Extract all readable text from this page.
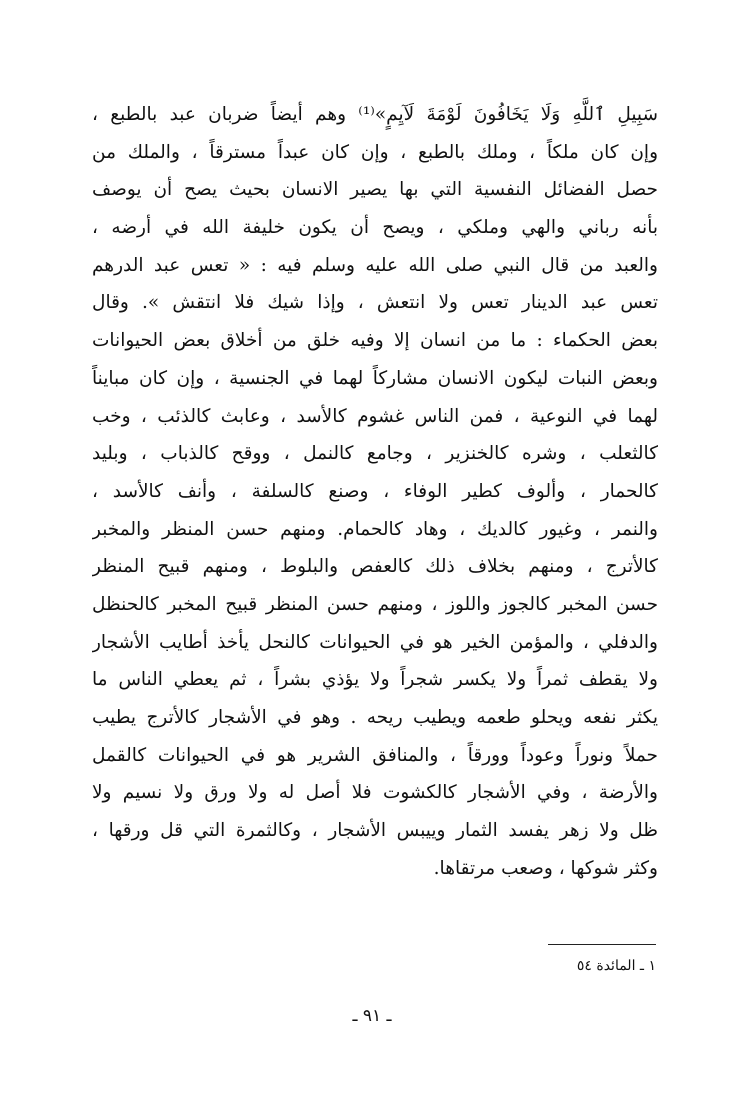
سَبِيلِ ٱللَّهِ وَلَا يَخَافُونَ لَوْمَةَ لَآيِمٍ»⁽¹⁾ وهم أيضاً ضربان عبد بالطبع ،
وإن كان ملكاً ، وملك بالطبع ، وإن كان عبداً مسترقاً ، والملك من
حصل الفضائل النفسية التي بها يصير الانسان بحيث يصح أن يوصف
بأنه رباني والهي وملكي ، ويصح أن يكون خليفة الله في أرضه ،
والعبد من قال النبي صلى الله عليه وسلم فيه : « تعس عبد الدرهم
تعس عبد الدينار تعس ولا انتعش ، وإذا شيك فلا انتقش ». وقال
بعض الحكماء : ما من انسان إلا وفيه خلق من أخلاق بعض الحيوانات
وبعض النبات ليكون الانسان مشاركاً لهما في الجنسية ، وإن كان مبايناً
لهما في النوعية ، فمن الناس غشوم كالأسد ، وعابث كالذئب ، وخب
كالثعلب ، وشره كالخنزير ، وجامع كالنمل ، ووقح كالذباب ، وبليد
كالحمار ، وألوف كطير الوفاء ، وصنع كالسلفة ، وأنف كالأسد ،
والنمر ، وغيور كالديك ، وهاد كالحمام. ومنهم حسن المنظر والمخبر
كالأترج ، ومنهم بخلاف ذلك كالعفص والبلوط ، ومنهم قبيح المنظر
حسن المخبر كالجوز واللوز ، ومنهم حسن المنظر قبيح المخبر كالحنظل
والدفلي ، والمؤمن الخير هو في الحيوانات كالنحل يأخذ أطايب الأشجار
ولا يقطف ثمراً ولا يكسر شجراً ولا يؤذي بشراً ، ثم يعطي الناس ما
يكثر نفعه ويحلو طعمه ويطيب ريحه . وهو في الأشجار كالأترج يطيب
حملاً ونوراً وعوداً وورقاً ، والمنافق الشرير هو في الحيوانات كالقمل
والأرضة ، وفي الأشجار كالكشوت فلا أصل له ولا ورق ولا نسيم ولا
ظل ولا زهر يفسد الثمار وييبس الأشجار ، وكالثمرة التي قل ورقها ،
وكثر شوكها ، وصعب مرتقاها.
١ ـ المائدة ٥٤
ـ ٩١ ـ
